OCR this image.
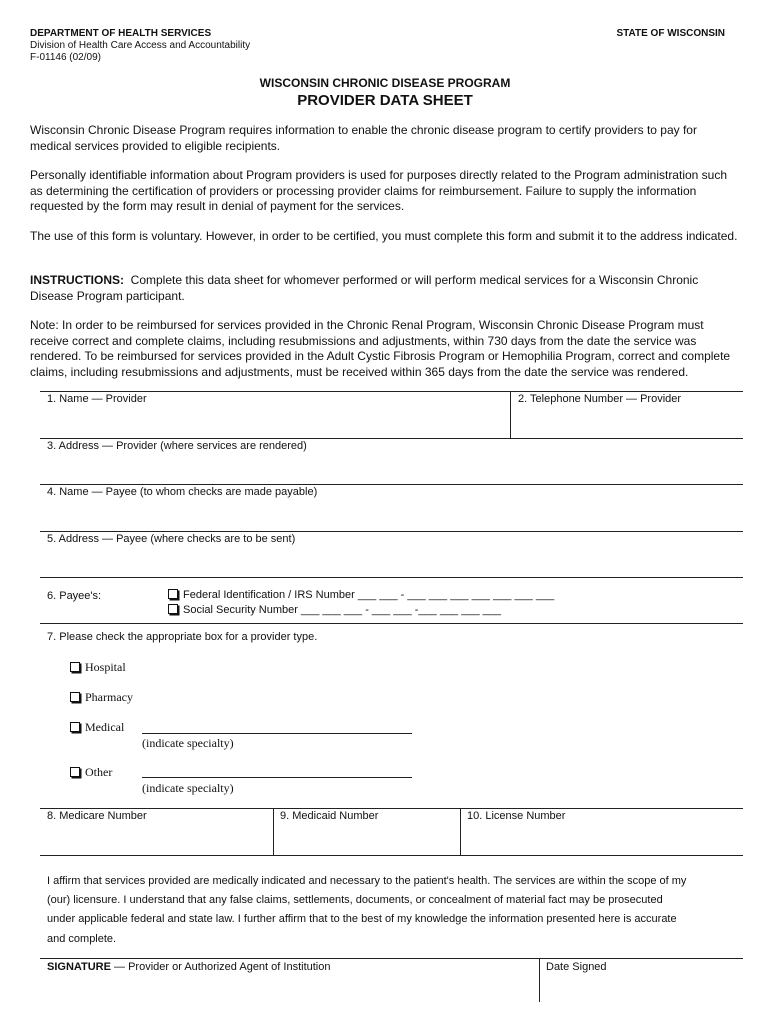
DEPARTMENT OF HEALTH SERVICES
Division of Health Care Access and Accountability
F-01146 (02/09)
STATE OF WISCONSIN
WISCONSIN CHRONIC DISEASE PROGRAM
PROVIDER DATA SHEET
Wisconsin Chronic Disease Program requires information to enable the chronic disease program to certify providers to pay for medical services provided to eligible recipients.
Personally identifiable information about Program providers is used for purposes directly related to the Program administration such as determining the certification of providers or processing provider claims for reimbursement. Failure to supply the information requested by the form may result in denial of payment for the services.
The use of this form is voluntary. However, in order to be certified, you must complete this form and submit it to the address indicated.
INSTRUCTIONS: Complete this data sheet for whomever performed or will perform medical services for a Wisconsin Chronic Disease Program participant.
Note: In order to be reimbursed for services provided in the Chronic Renal Program, Wisconsin Chronic Disease Program must receive correct and complete claims, including resubmissions and adjustments, within 730 days from the date the service was rendered. To be reimbursed for services provided in the Adult Cystic Fibrosis Program or Hemophilia Program, correct and complete claims, including resubmissions and adjustments, must be received within 365 days from the date the service was rendered.
1. Name — Provider	2. Telephone Number — Provider
3. Address — Provider (where services are rendered)
4. Name — Payee (to whom checks are made payable)
5. Address — Payee (where checks are to be sent)
6. Payee's:	Federal Identification / IRS Number ___ ___ - ___ ___ ___ ___ ___ ___ ___
Social Security Number ___ ___ ___ - ___ ___ -___ ___ ___ ___
7. Please check the appropriate box for a provider type.
Hospital
Pharmacy
Medical
(indicate specialty)
Other
(indicate specialty)
8. Medicare Number	9. Medicaid Number	10. License Number
I affirm that services provided are medically indicated and necessary to the patient's health. The services are within the scope of my
(our) licensure. I understand that any false claims, settlements, documents, or concealment of material fact may be prosecuted
under applicable federal and state law. I further affirm that to the best of my knowledge the information presented here is accurate
and complete.
SIGNATURE — Provider or Authorized Agent of Institution	Date Signed
